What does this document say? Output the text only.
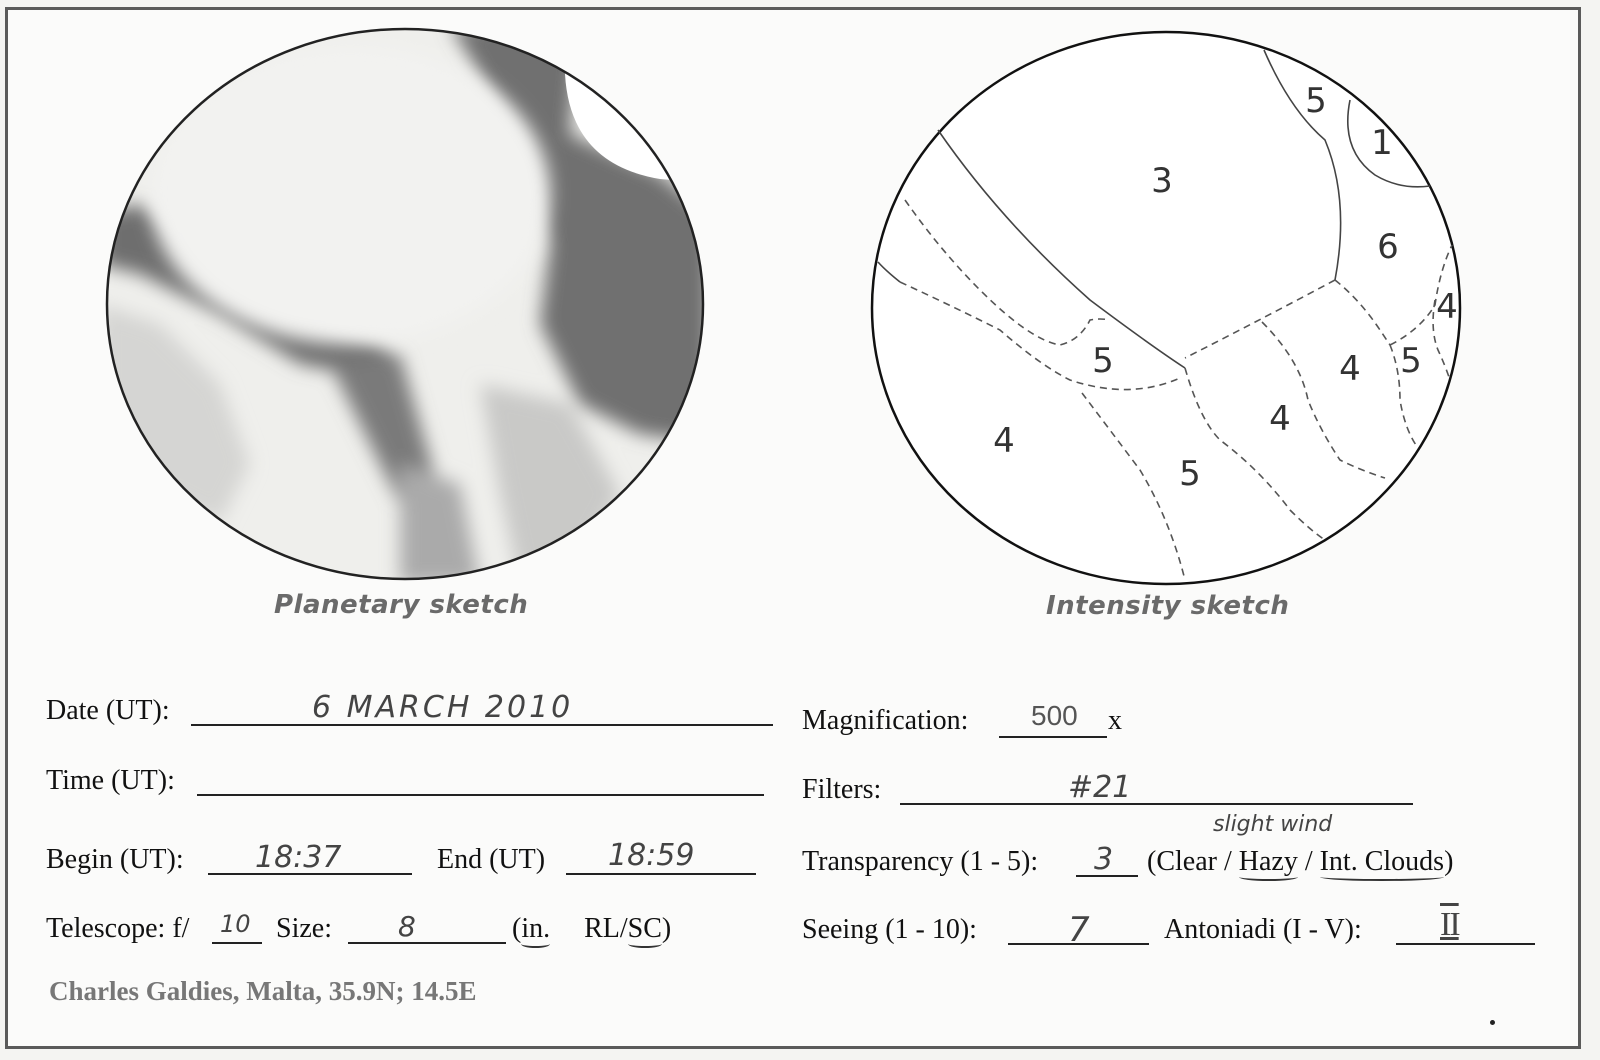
Planetary sketch
3
5
1
6
4
5	4 5
4
4
5
Intensity sketch
Date (UT):	6 MARCH 2010
Time (UT):
Begin (UT): 18:37	End (UT) 18:59
Telescope: f/ 10 Size: 8	(in. RL/SC)
Charles Galdies, Malta, 35.9N; 14.5E
Magnification: 500 x
Filters:	#21
slight wind
Transparency (1 - 5): 3 (Clear / Hazy / Int. Clouds)
Seeing (1 - 10):	7	Antoniadi (I - V): II
